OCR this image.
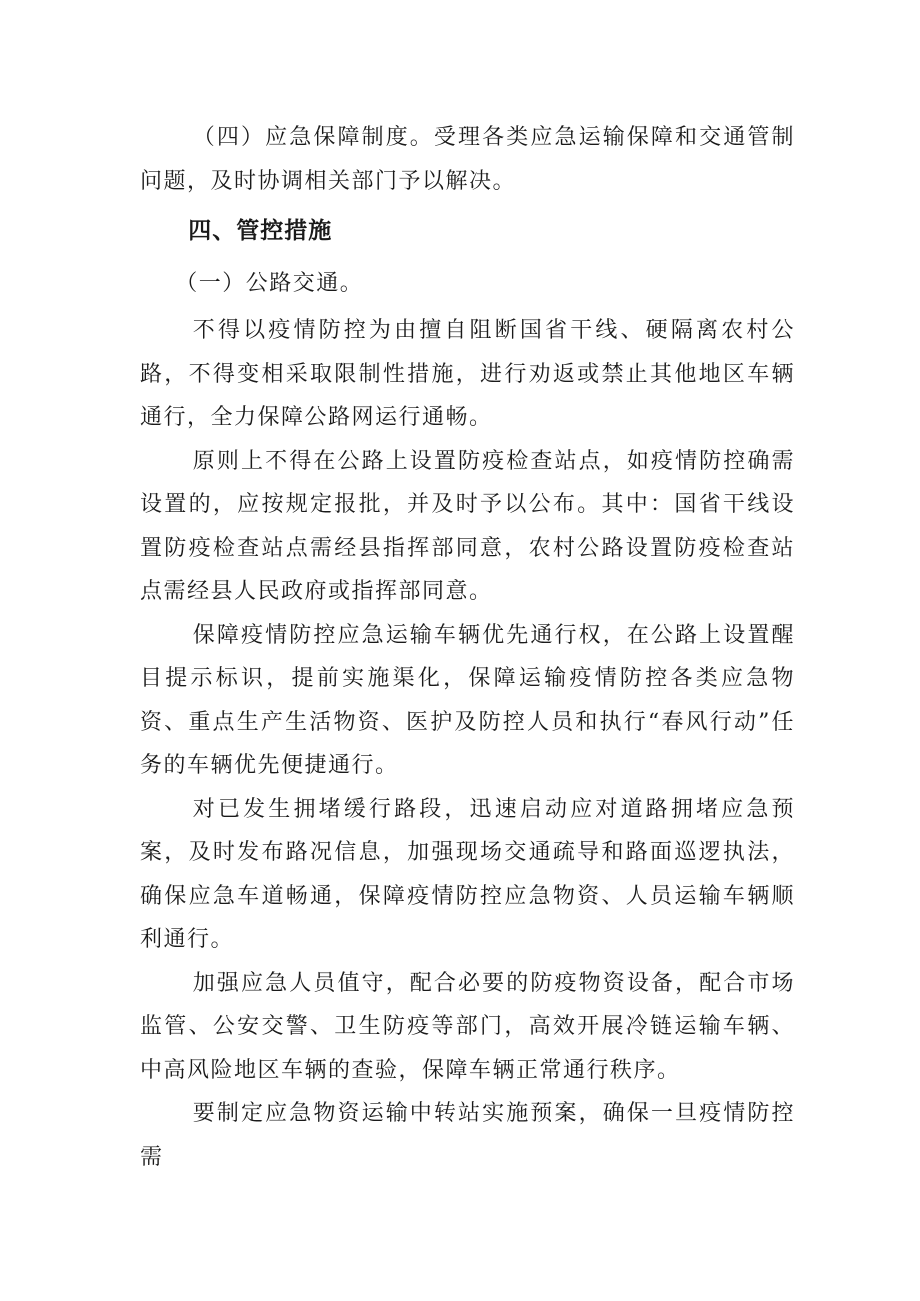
（四）应急保障制度。受理各类应急运输保障和交通管制问题，及时协调相关部门予以解决。

四、管控措施

（一）公路交通。

不得以疫情防控为由擅自阻断国省干线、硬隔离农村公路，不得变相采取限制性措施，进行劝返或禁止其他地区车辆通行，全力保障公路网运行通畅。

原则上不得在公路上设置防疫检查站点，如疫情防控确需设置的，应按规定报批，并及时予以公布。其中：国省干线设置防疫检查站点需经县指挥部同意，农村公路设置防疫检查站点需经县人民政府或指挥部同意。

保障疫情防控应急运输车辆优先通行权，在公路上设置醒目提示标识，提前实施渠化，保障运输疫情防控各类应急物资、重点生产生活物资、医护及防控人员和执行“春风行动”任务的车辆优先便捷通行。

对已发生拥堵缓行路段，迅速启动应对道路拥堵应急预案，及时发布路况信息，加强现场交通疏导和路面巡逻执法，确保应急车道畅通，保障疫情防控应急物资、人员运输车辆顺利通行。

加强应急人员值守，配合必要的防疫物资设备，配合市场监管、公安交警、卫生防疫等部门，高效开展冷链运输车辆、中高风险地区车辆的查验，保障车辆正常通行秩序。

要制定应急物资运输中转站实施预案，确保一旦疫情防控需
